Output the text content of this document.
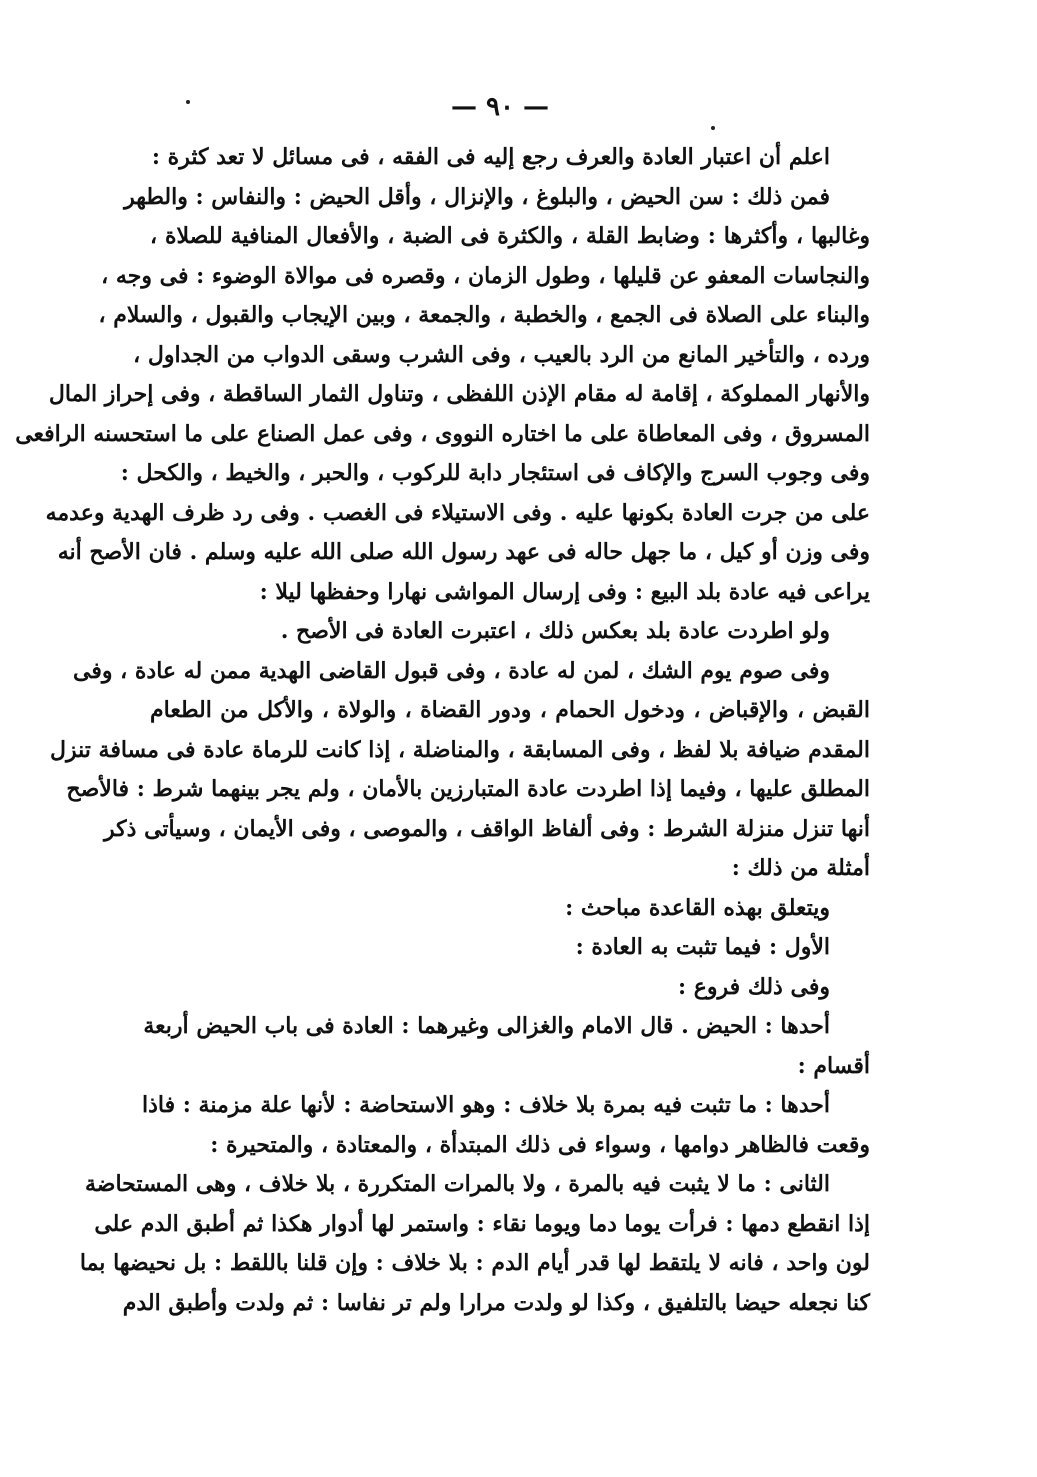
— ٩٠ —
اعلم أن اعتبار العادة والعرف رجع إليه فى الفقه ، فى مسائل لا تعد كثرة :
فمن ذلك : سن الحيض ، والبلوغ ، والإنزال ، وأقل الحيض : والنفاس : والطهر
وغالبها ، وأكثرها : وضابط القلة ، والكثرة فى الضبة ، والأفعال المنافية للصلاة ،
والنجاسات المعفو عن قليلها ، وطول الزمان ، وقصره فى موالاة الوضوء : فى وجه ،
والبناء على الصلاة فى الجمع ، والخطبة ، والجمعة ، وبين الإيجاب والقبول ، والسلام ،
ورده ، والتأخير المانع من الرد بالعيب ، وفى الشرب وسقى الدواب من الجداول ،
والأنهار المملوكة ، إقامة له مقام الإذن اللفظى ، وتناول الثمار الساقطة ، وفى إحراز المال
المسروق ، وفى المعاطاة على ما اختاره النووى ، وفى عمل الصناع على ما استحسنه الرافعى
وفى وجوب السرج والإكاف فى استئجار دابة للركوب ، والحبر ، والخيط ، والكحل :
على من جرت العادة بكونها عليه . وفى الاستيلاء فى الغصب . وفى رد ظرف الهدية وعدمه
وفى وزن أو كيل ، ما جهل حاله فى عهد رسول الله صلى الله عليه وسلم . فان الأصح أنه
يراعى فيه عادة بلد البيع : وفى إرسال المواشى نهارا وحفظها ليلا :
ولو اطردت عادة بلد بعكس ذلك ، اعتبرت العادة فى الأصح .
وفى صوم يوم الشك ، لمن له عادة ، وفى قبول القاضى الهدية ممن له عادة ، وفى
القبض ، والإقباض ، ودخول الحمام ، ودور القضاة ، والولاة ، والأكل من الطعام
المقدم ضيافة بلا لفظ ، وفى المسابقة ، والمناضلة ، إذا كانت للرماة عادة فى مسافة تنزل
المطلق عليها ، وفيما إذا اطردت عادة المتبارزين بالأمان ، ولم يجر بينهما شرط : فالأصح
أنها تنزل منزلة الشرط : وفى ألفاظ الواقف ، والموصى ، وفى الأيمان ، وسيأتى ذكر
أمثلة من ذلك :
ويتعلق بهذه القاعدة مباحث :
الأول : فيما تثبت به العادة :
وفى ذلك فروع :
أحدها : الحيض . قال الامام والغزالى وغيرهما : العادة فى باب الحيض أربعة
أقسام :
أحدها : ما تثبت فيه بمرة بلا خلاف : وهو الاستحاضة : لأنها علة مزمنة : فاذا
وقعت فالظاهر دوامها ، وسواء فى ذلك المبتدأة ، والمعتادة ، والمتحيرة :
الثانى : ما لا يثبت فيه بالمرة ، ولا بالمرات المتكررة ، بلا خلاف ، وهى المستحاضة
إذا انقطع دمها : فرأت يوما دما ويوما نقاء : واستمر لها أدوار هكذا ثم أطبق الدم على
لون واحد ، فانه لا يلتقط لها قدر أيام الدم : بلا خلاف : وإن قلنا باللقط : بل نحيضها بما
كنا نجعله حيضا بالتلفيق ، وكذا لو ولدت مرارا ولم تر نفاسا : ثم ولدت وأطبق الدم
